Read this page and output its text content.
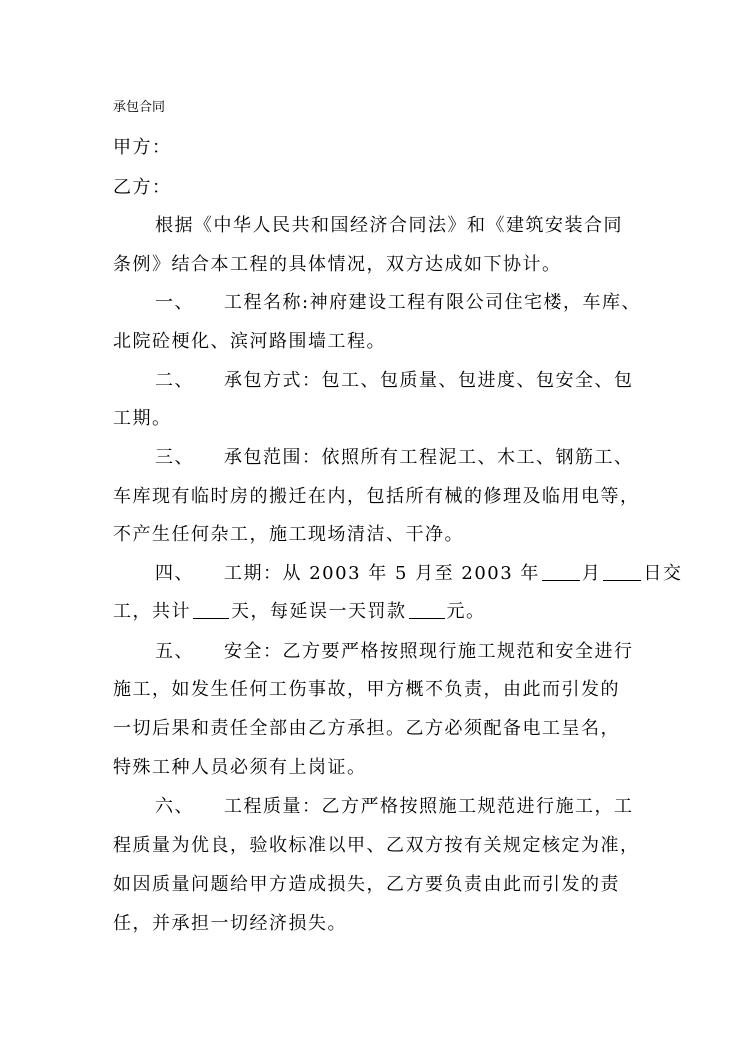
承包合同
甲方：
乙方：
根据《中华人民共和国经济合同法》和《建筑安装合同
条例》结合本工程的具体情况，双方达成如下协计。
一、　　工程名称:神府建设工程有限公司住宅楼，车库、
北院砼梗化、滨河路围墙工程。
二、　　承包方式：包工、包质量、包进度、包安全、包
工期。
三、　　承包范围：依照所有工程泥工、木工、钢筋工、
车库现有临时房的搬迁在内，包括所有械的修理及临用电等，
不产生任何杂工，施工现场清洁、干净。
四、　　工期：从 2003 年 5 月至 2003 年 月 日交
工，共计 天，每延误一天罚款 元。
五、　　安全：乙方要严格按照现行施工规范和安全进行
施工，如发生任何工伤事故，甲方概不负责，由此而引发的
一切后果和责任全部由乙方承担。乙方必须配备电工呈名，
特殊工种人员必须有上岗证。
六、　　工程质量：乙方严格按照施工规范进行施工，工
程质量为优良，验收标准以甲、乙双方按有关规定核定为准，
如因质量问题给甲方造成损失，乙方要负责由此而引发的责
任，并承担一切经济损失。
